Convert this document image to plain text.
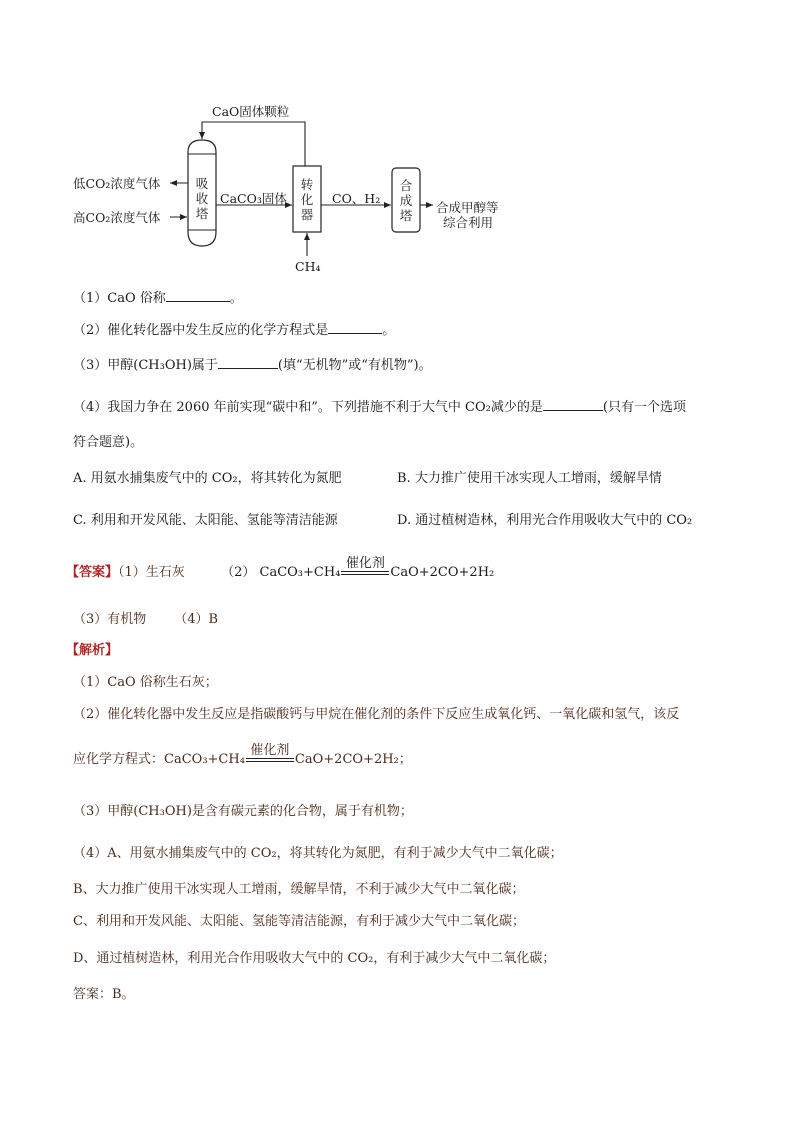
CaO固体颗粒
低CO₂浓度气体
高CO₂浓度气体
吸
收
塔
CaCO₃固体
转
化
器
CO、H₂
合
成
塔
合成甲醇等
综合利用
CH₄
（1）CaO 俗称	。
（2）催化转化器中发生反应的化学方程式是	。
（3）甲醇(CH₃OH)属于	(填“无机物”或“有机物”)。
（4）我国力争在 2060 年前实现“碳中和”。下列措施不利于大气中 CO₂减少的是	(只有一个选项
符合题意)。
A. 用氨水捕集废气中的 CO₂，将其转化为氮肥	B. 大力推广使用干冰实现人工增雨，缓解旱情
C. 利用和开发风能、太阳能、氢能等清洁能源	D. 通过植树造林，利用光合作用吸收大气中的 CO₂
【答案】（1）生石灰	（2） CaCO₃+CH₄
催化剂
CaO+2CO+2H₂
（3）有机物 （4）B
【解析】
（1）CaO 俗称生石灰；
（2）催化转化器中发生反应是指碳酸钙与甲烷在催化剂的条件下反应生成氧化钙、一氧化碳和氢气，该反
应化学方程式：CaCO₃+CH₄
催化剂
CaO+2CO+2H₂；
（3）甲醇(CH₃OH)是含有碳元素的化合物，属于有机物；
（4）A、用氨水捕集废气中的 CO₂，将其转化为氮肥，有利于减少大气中二氧化碳；
B、大力推广使用干冰实现人工增雨，缓解旱情，不利于减少大气中二氧化碳；
C、利用和开发风能、太阳能、氢能等清洁能源，有利于减少大气中二氧化碳；
D、通过植树造林，利用光合作用吸收大气中的 CO₂，有利于减少大气中二氧化碳；
答案：B。
